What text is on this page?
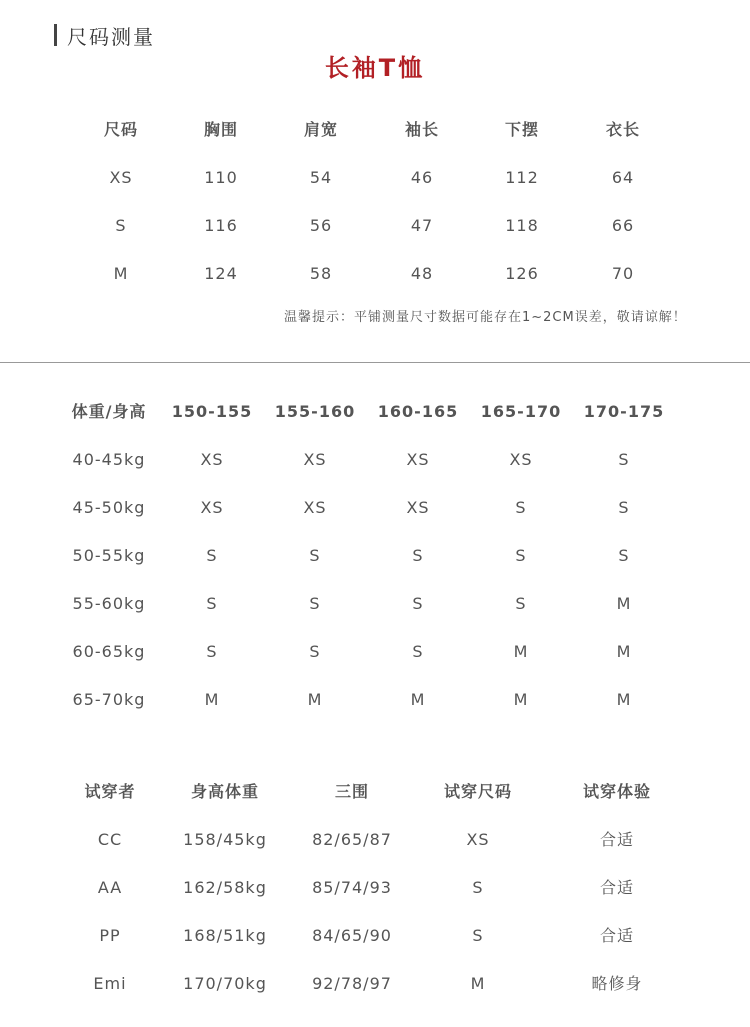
尺码测量
长袖T恤
尺码	胸围	肩宽	袖长	下摆	衣长
XS	110	54	46	112	64
S	116	56	47	118	66
M	124	58	48	126	70
温馨提示：平铺测量尺寸数据可能存在1~2CM误差，敬请谅解！
体重/身高	150-155	155-160	160-165	165-170	170-175
40-45kg	XS	XS	XS	XS	S
45-50kg	XS	XS	XS	S	S
50-55kg	S	S	S	S	S
55-60kg	S	S	S	S	M
60-65kg	S	S	S	M	M
65-70kg	M	M	M	M	M
试穿者	身高体重	三围	试穿尺码	试穿体验
CC	158/45kg	82/65/87	XS	合适
AA	162/58kg	85/74/93	S	合适
PP	168/51kg	84/65/90	S	合适
Emi	170/70kg	92/78/97	M	略修身
